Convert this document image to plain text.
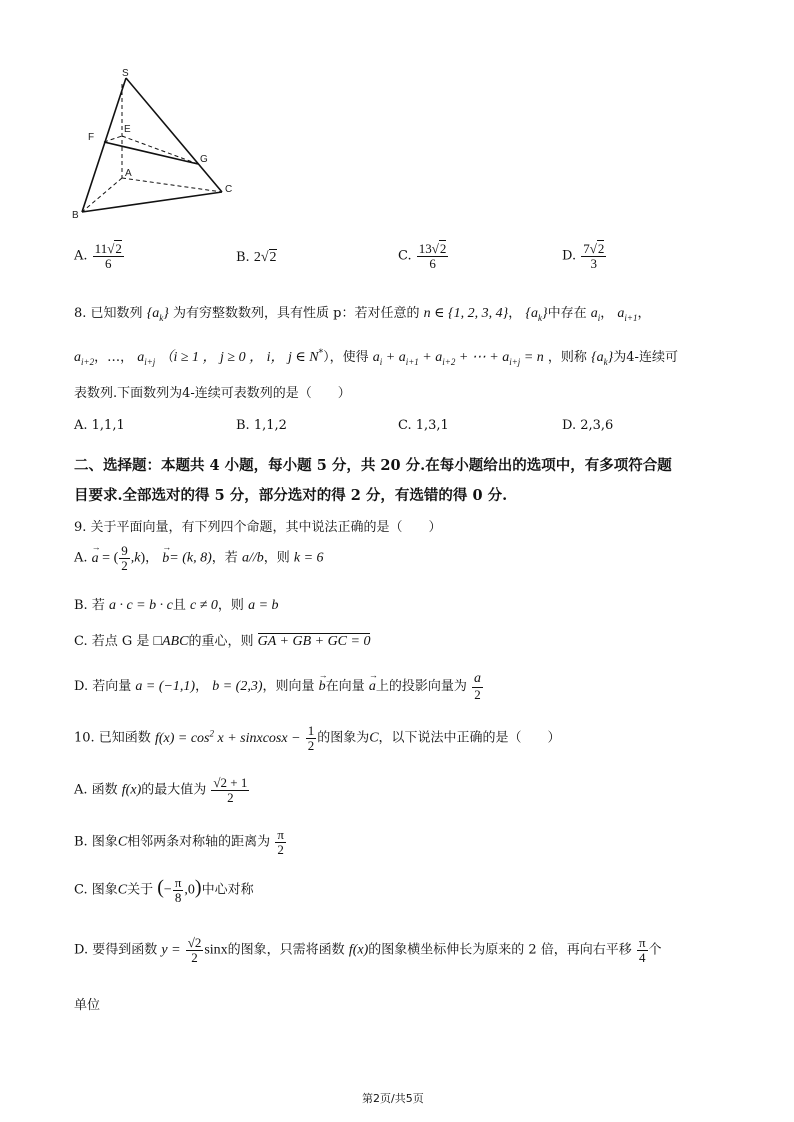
S
F
E
G
A
C
B
A. $\frac{11√2}{6}$	B. 2√2	C. $\frac{13√2}{6}$	D. $\frac{7√2}{3}$
8. 已知数列 $\{a_k\}$ 为有穷整数数列，具有性质 p：若对任意的 n ∈ {1, 2, 3, 4}， $\{a_k\}$中存在 $a_i$， $a_{i+1}$，
$a_{i+2}$，…， $a_{i+j}$ （i ≥ 1 ， j ≥ 0 ， i， j ∈ N*），使得 $a_i + a_{i+1} + a_{i+2}$ + ⋯ + $a_{i+j} = n$ ，则称 $\{a_k\}$为4-连续可
表数列.下面数列为4-连续可表数列的是（　　）
A. 1,1,1	B. 1,1,2	C. 1,3,1	D. 2,3,6
二、选择题：本题共 4 小题，每小题 5 分，共 20 分.在每小题给出的选项中，有多项符合题
目要求.全部选对的得 5 分，部分选对的得 2 分，有选错的得 0 分.
9. 关于平面向量，有下列四个命题，其中说法正确的是（　　）
A. → a = ( $\frac{9}{2} ,k$)， → b= (k, 8)，若 a//b，则 k = 6
B. 若 a · c = b · c且 c ≠ 0，则 a = b
C. 若点 G 是 □ABC的重心，则 GA + GB + GC = 0
D. 若向量 a = (−1,1)， b = (2,3)，则向量 → b在向量 → a上的投影向量为 $\frac{a}{2}$
10. 已知函数 $f(x) = \cos^2 x$ + sinxcosx − $\frac{1}{2}$ 的图象为C，以下说法中正确的是（　　）
A. 函数 f(x)的最大值为 $\frac{√2 + 1}{2}$
B. 图象C相邻两条对称轴的距离为 $\frac{\pi}{2}$
C. 图象C关于 (− $\frac{\pi}{8} ,0$)中心对称
D. 要得到函数 $y = \frac{√2}{2}$ sinx的图象，只需将函数 f(x)的图象横坐标伸长为原来的 2 倍，再向右平移 $\frac{\pi}{4}$ 个
单位
第2页/共5页
